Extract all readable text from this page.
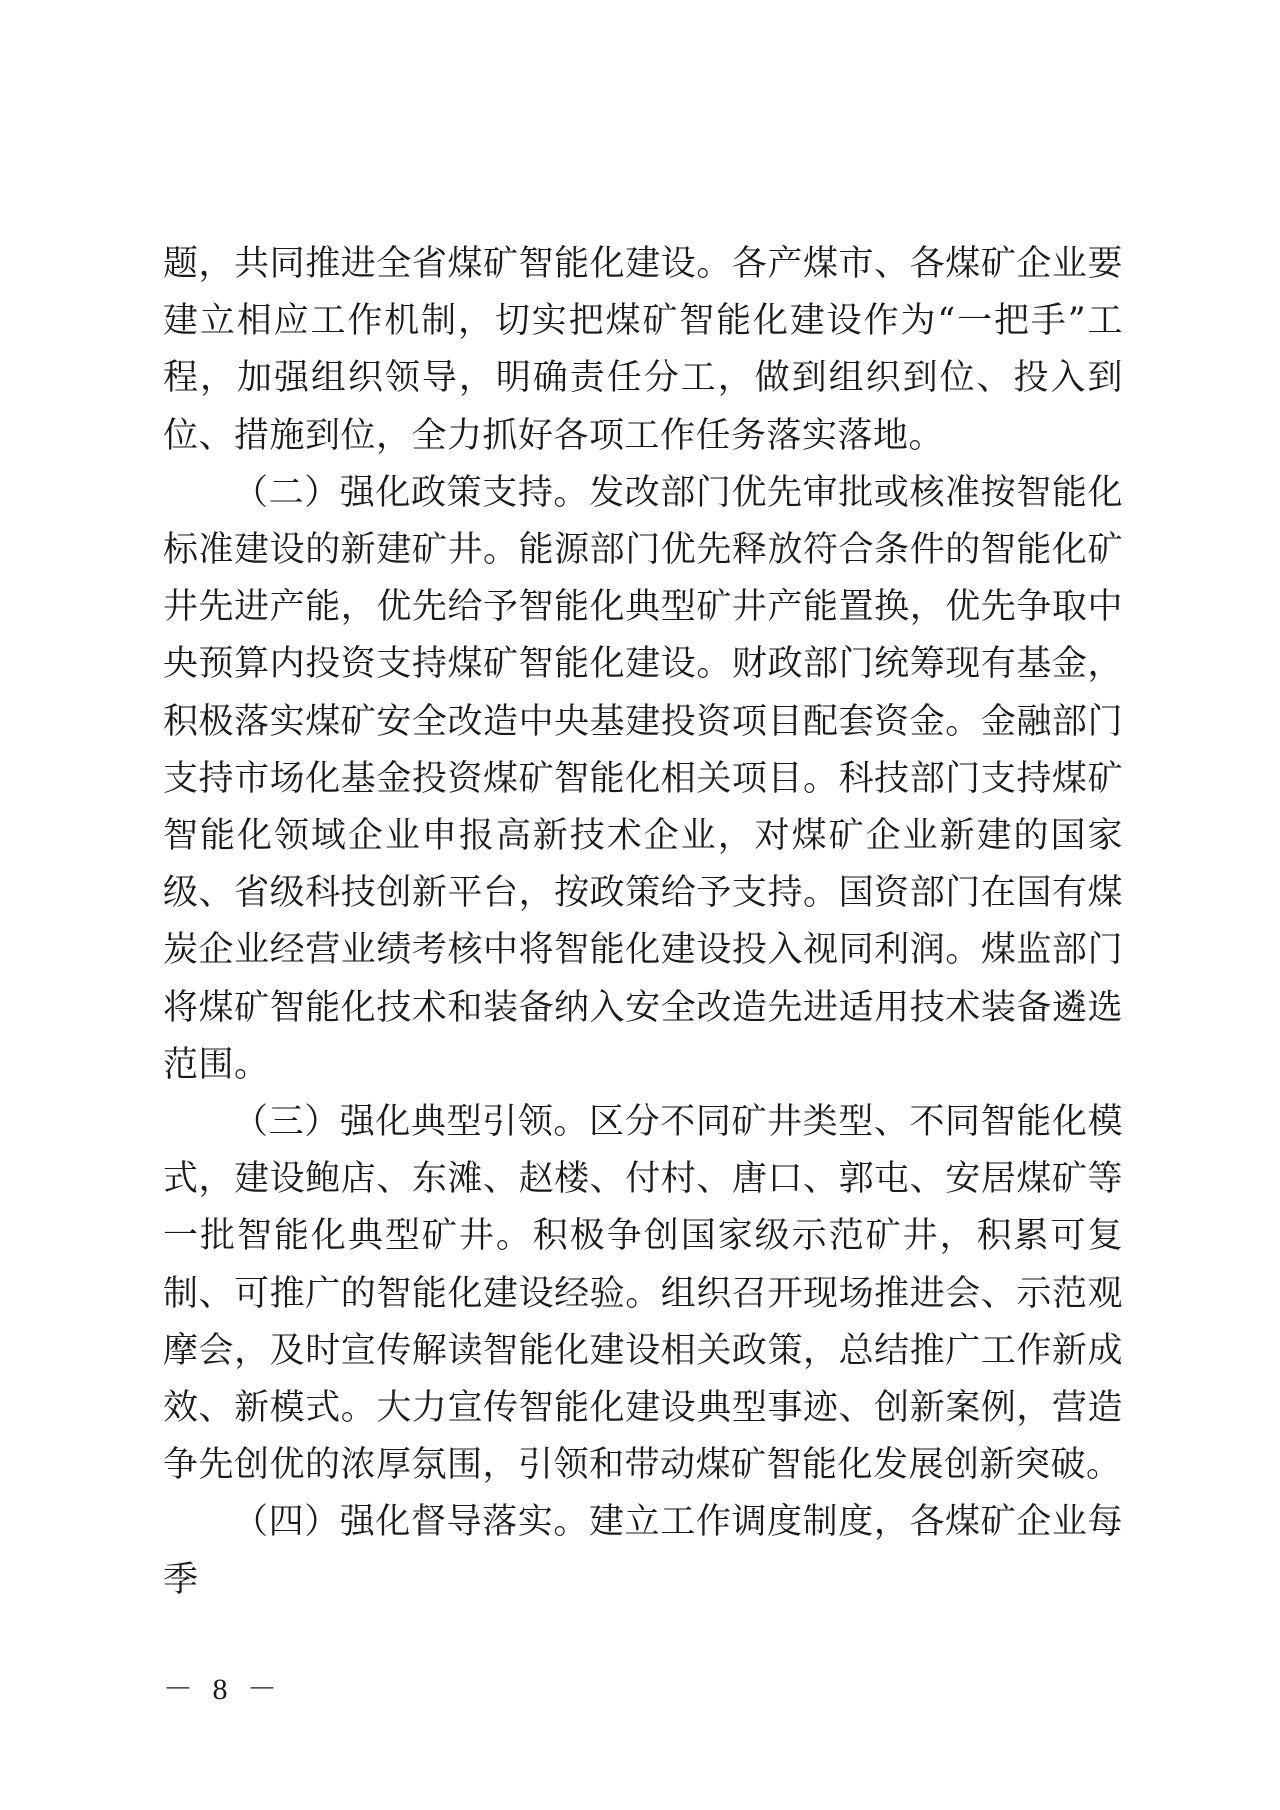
题，共同推进全省煤矿智能化建设。各产煤市、各煤矿企业要建立相应工作机制，切实把煤矿智能化建设作为“一把手”工程，加强组织领导，明确责任分工，做到组织到位、投入到位、措施到位，全力抓好各项工作任务落实落地。

（二）强化政策支持。发改部门优先审批或核准按智能化标准建设的新建矿井。能源部门优先释放符合条件的智能化矿井先进产能，优先给予智能化典型矿井产能置换，优先争取中央预算内投资支持煤矿智能化建设。财政部门统筹现有基金，积极落实煤矿安全改造中央基建投资项目配套资金。金融部门支持市场化基金投资煤矿智能化相关项目。科技部门支持煤矿智能化领域企业申报高新技术企业，对煤矿企业新建的国家级、省级科技创新平台，按政策给予支持。国资部门在国有煤炭企业经营业绩考核中将智能化建设投入视同利润。煤监部门将煤矿智能化技术和装备纳入安全改造先进适用技术装备遴选范围。

（三）强化典型引领。区分不同矿井类型、不同智能化模式，建设鲍店、东滩、赵楼、付村、唐口、郭屯、安居煤矿等一批智能化典型矿井。积极争创国家级示范矿井，积累可复制、可推广的智能化建设经验。组织召开现场推进会、示范观摩会，及时宣传解读智能化建设相关政策，总结推广工作新成效、新模式。大力宣传智能化建设典型事迹、创新案例，营造争先创优的浓厚氛围，引领和带动煤矿智能化发展创新突破。

（四）强化督导落实。建立工作调度制度，各煤矿企业每季

－ 8 －
